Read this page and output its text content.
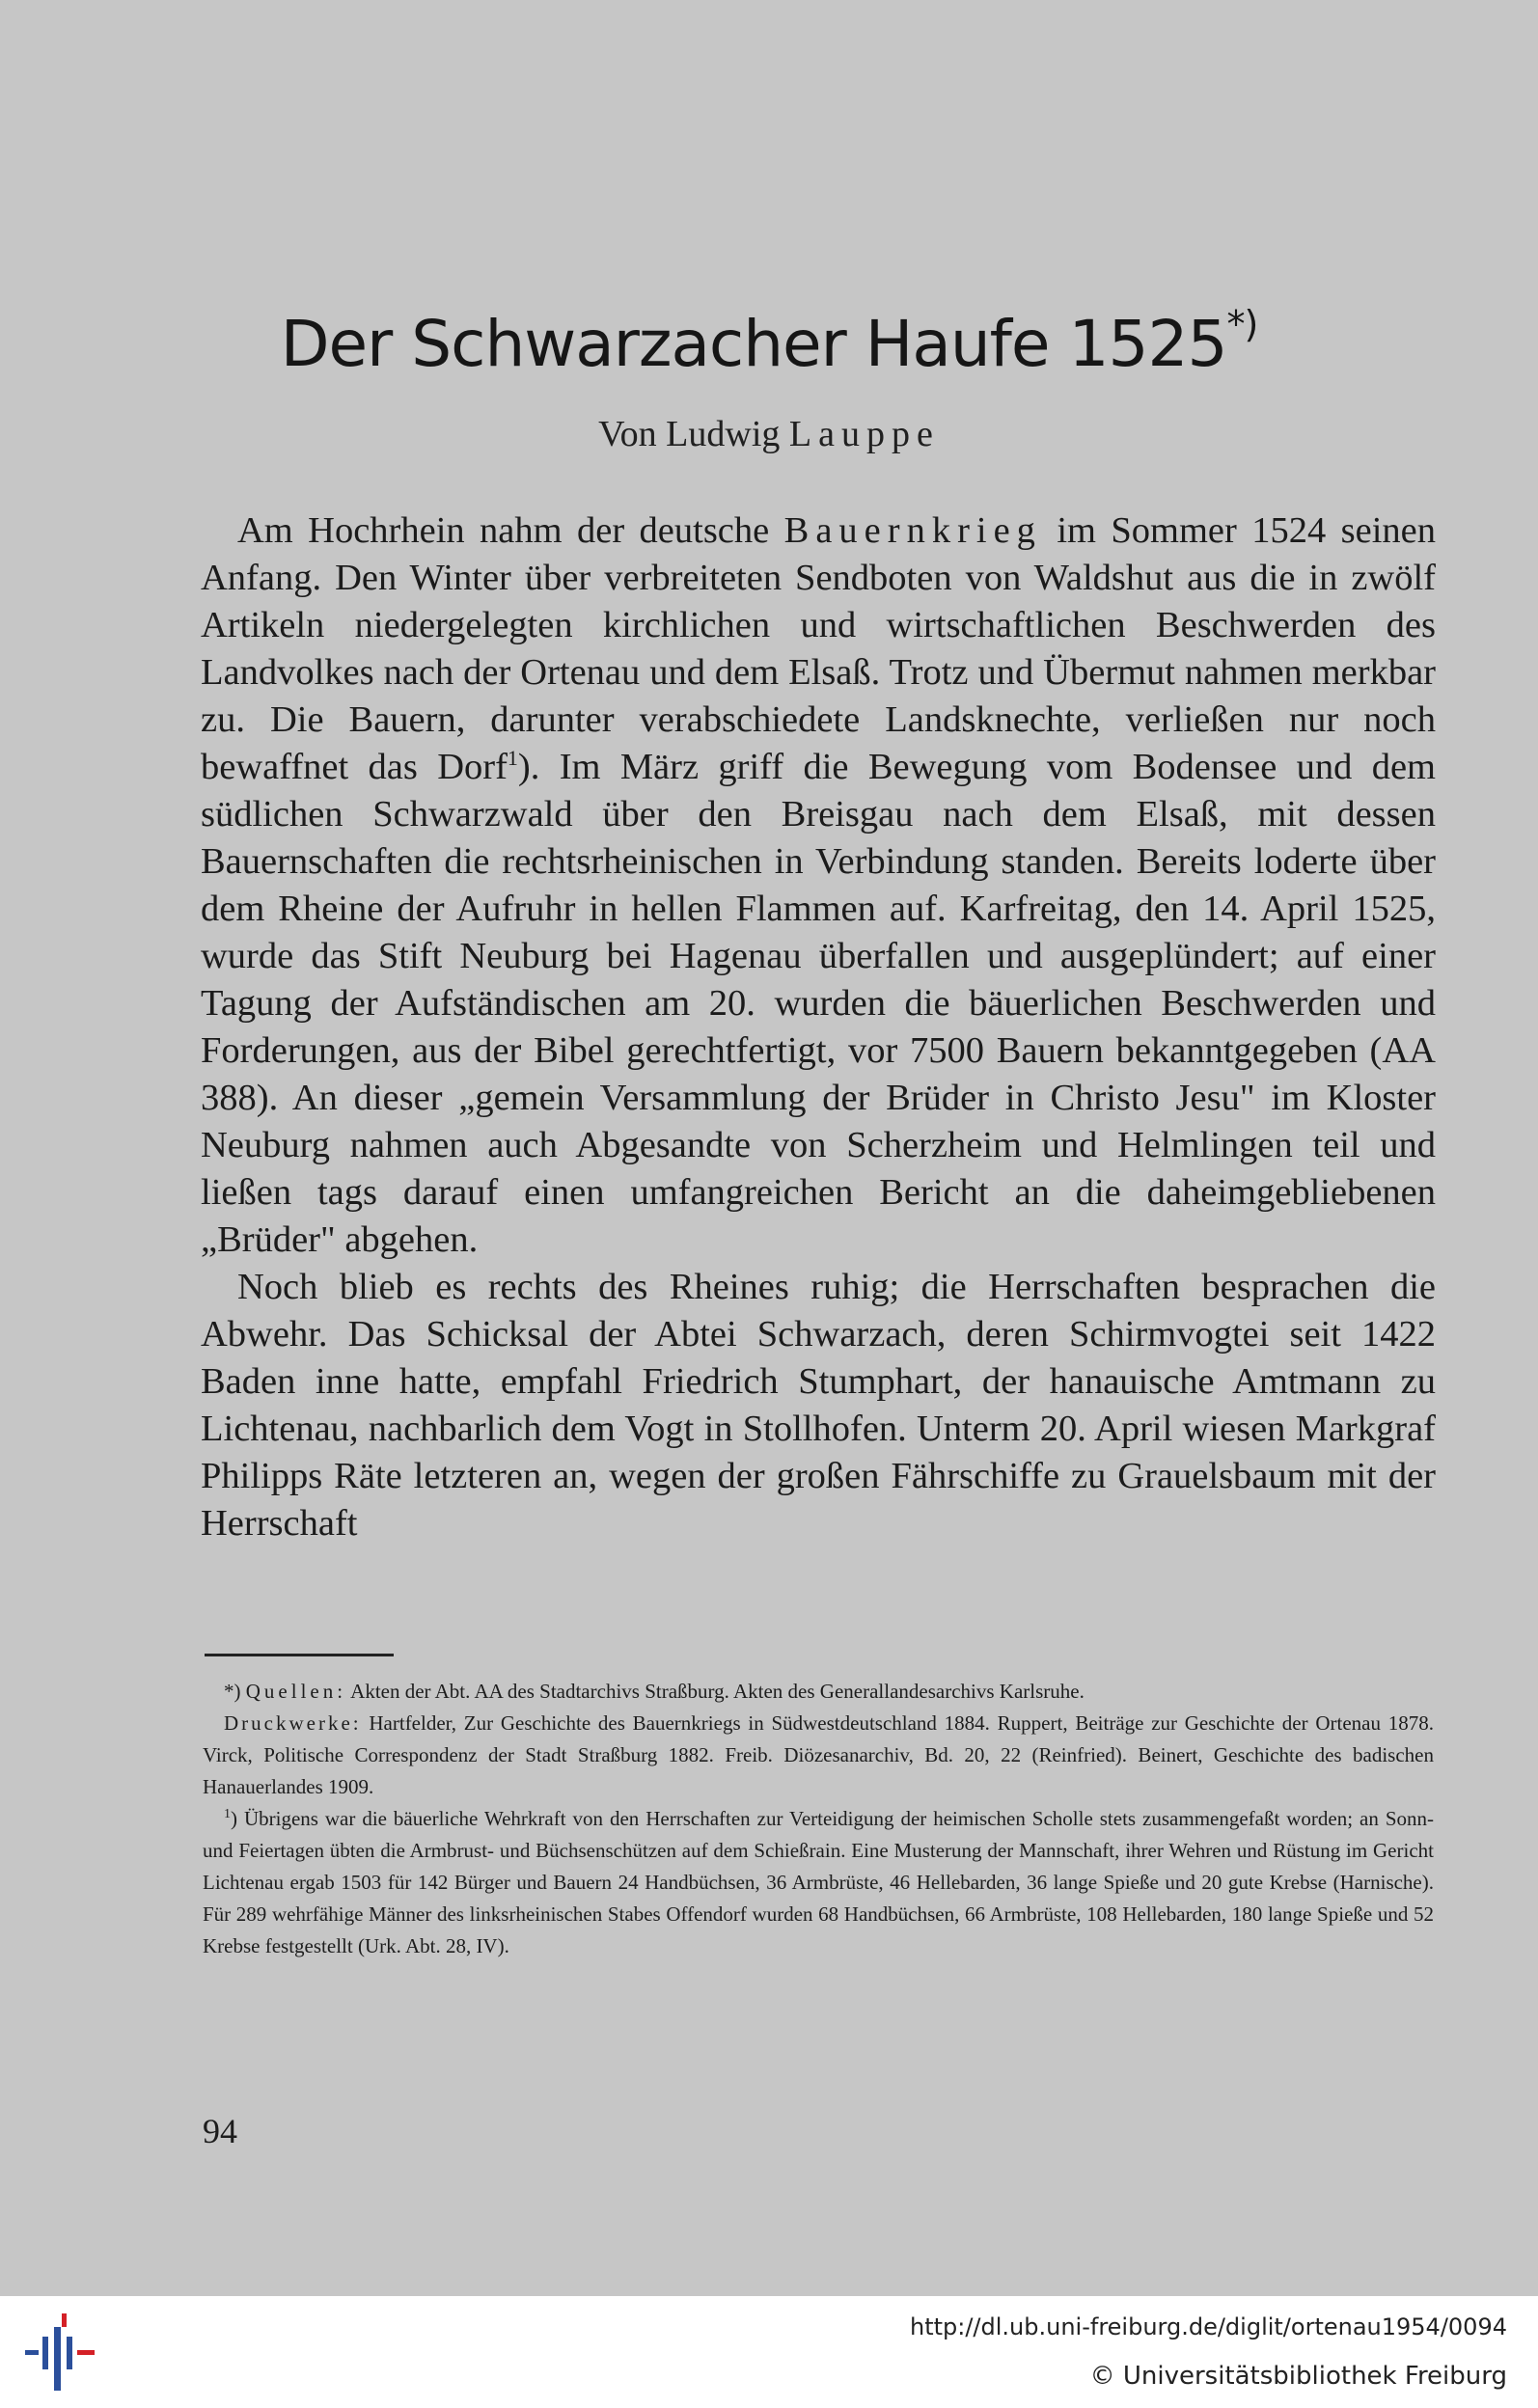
Der Schwarzacher Haufe 1525*)
Von Ludwig Lauppe

Am Hochrhein nahm der deutsche Bauernkrieg im Sommer 1524 seinen Anfang. Den Winter über verbreiteten Sendboten von Waldshut aus die in zwölf Artikeln niedergelegten kirchlichen und wirtschaftlichen Beschwerden des Landvolkes nach der Ortenau und dem Elsaß. Trotz und Übermut nahmen merkbar zu. Die Bauern, darunter verabschiedete Landsknechte, verließen nur noch bewaffnet das Dorf$^1$). Im März griff die Bewegung vom Bodensee und dem südlichen Schwarzwald über den Breisgau nach dem Elsaß, mit dessen Bauernschaften die rechtsrheinischen in Verbindung standen. Bereits loderte über dem Rheine der Aufruhr in hellen Flammen auf. Karfreitag, den 14. April 1525, wurde das Stift Neuburg bei Hagenau überfallen und ausgeplündert; auf einer Tagung der Aufständischen am 20. wurden die bäuerlichen Beschwerden und Forderungen, aus der Bibel gerechtfertigt, vor 7500 Bauern bekanntgegeben (AA 388). An dieser „gemein Versammlung der Brüder in Christo Jesu" im Kloster Neuburg nahmen auch Abgesandte von Scherzheim und Helmlingen teil und ließen tags darauf einen umfangreichen Bericht an die daheimgebliebenen „Brüder" abgehen.

Noch blieb es rechts des Rheines ruhig; die Herrschaften besprachen die Abwehr. Das Schicksal der Abtei Schwarzach, deren Schirmvogtei seit 1422 Baden inne hatte, empfahl Friedrich Stumphart, der hanauische Amtmann zu Lichtenau, nachbarlich dem Vogt in Stollhofen. Unterm 20. April wiesen Markgraf Philipps Räte letzteren an, wegen der großen Fährschiffe zu Grauelsbaum mit der Herrschaft

*) Quellen: Akten der Abt. AA des Stadtarchivs Straßburg. Akten des Generallandesarchivs Karlsruhe.

Druckwerke: Hartfelder, Zur Geschichte des Bauernkriegs in Südwestdeutschland 1884. Ruppert, Beiträge zur Geschichte der Ortenau 1878. Virck, Politische Correspondenz der Stadt Straßburg 1882. Freib. Diözesanarchiv, Bd. 20, 22 (Reinfried). Beinert, Geschichte des badischen Hanauerlandes 1909.

$^1$) Übrigens war die bäuerliche Wehrkraft von den Herrschaften zur Verteidigung der heimischen Scholle stets zusammengefaßt worden; an Sonn- und Feiertagen übten die Armbrust- und Büchsenschützen auf dem Schießrain. Eine Musterung der Mannschaft, ihrer Wehren und Rüstung im Gericht Lichtenau ergab 1503 für 142 Bürger und Bauern 24 Handbüchsen, 36 Armbrüste, 46 Hellebarden, 36 lange Spieße und 20 gute Krebse (Harnische). Für 289 wehrfähige Männer des linksrheinischen Stabes Offendorf wurden 68 Handbüchsen, 66 Armbrüste, 108 Hellebarden, 180 lange Spieße und 52 Krebse festgestellt (Urk. Abt. 28, IV).

94
http://dl.ub.uni-freiburg.de/diglit/ortenau1954/0094
© Universitätsbibliothek Freiburg
